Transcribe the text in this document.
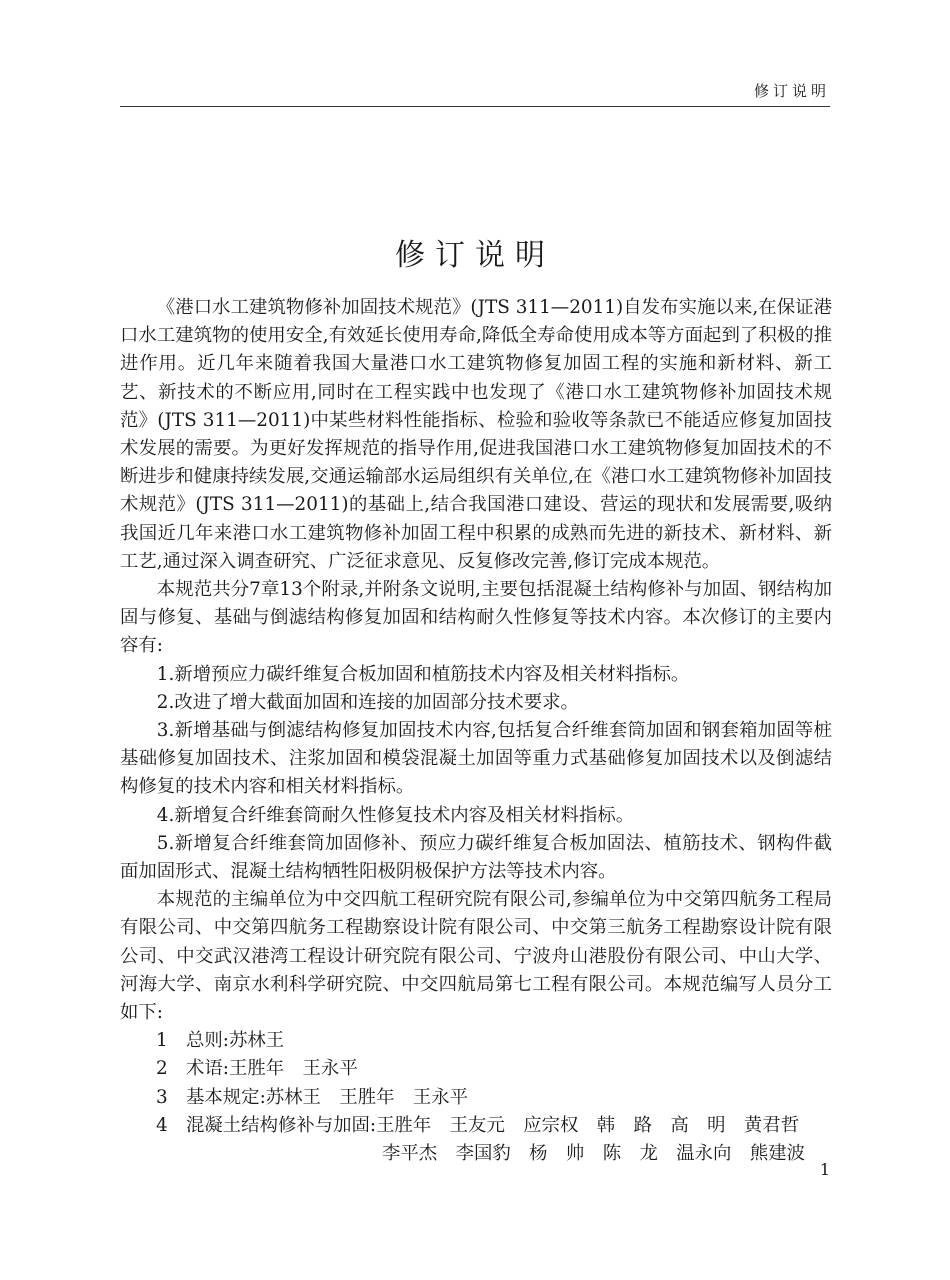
修订说明
修订说明

《港口水工建筑物修补加固技术规范》(JTS 311—2011)自发布实施以来,在保证港口水工建筑物的使用安全,有效延长使用寿命,降低全寿命使用成本等方面起到了积极的推进作用。近几年来随着我国大量港口水工建筑物修复加固工程的实施和新材料、新工艺、新技术的不断应用,同时在工程实践中也发现了《港口水工建筑物修补加固技术规范》(JTS 311—2011)中某些材料性能指标、检验和验收等条款已不能适应修复加固技术发展的需要。为更好发挥规范的指导作用,促进我国港口水工建筑物修复加固技术的不断进步和健康持续发展,交通运输部水运局组织有关单位,在《港口水工建筑物修补加固技术规范》(JTS 311—2011)的基础上,结合我国港口建设、营运的现状和发展需要,吸纳我国近几年来港口水工建筑物修补加固工程中积累的成熟而先进的新技术、新材料、新工艺,通过深入调查研究、广泛征求意见、反复修改完善,修订完成本规范。

本规范共分7章13个附录,并附条文说明,主要包括混凝土结构修补与加固、钢结构加固与修复、基础与倒滤结构修复加固和结构耐久性修复等技术内容。本次修订的主要内容有:

1.新增预应力碳纤维复合板加固和植筋技术内容及相关材料指标。

2.改进了增大截面加固和连接的加固部分技术要求。

3.新增基础与倒滤结构修复加固技术内容,包括复合纤维套筒加固和钢套箱加固等桩基础修复加固技术、注浆加固和模袋混凝土加固等重力式基础修复加固技术以及倒滤结构修复的技术内容和相关材料指标。

4.新增复合纤维套筒耐久性修复技术内容及相关材料指标。

5.新增复合纤维套筒加固修补、预应力碳纤维复合板加固法、植筋技术、钢构件截面加固形式、混凝土结构牺牲阳极阴极保护方法等技术内容。

本规范的主编单位为中交四航工程研究院有限公司,参编单位为中交第四航务工程局有限公司、中交第四航务工程勘察设计院有限公司、中交第三航务工程勘察设计院有限公司、中交武汉港湾工程设计研究院有限公司、宁波舟山港股份有限公司、中山大学、河海大学、南京水利科学研究院、中交四航局第七工程有限公司。本规范编写人员分工如下:

1 总则:苏林王
2 术语:王胜年　王永平
3 基本规定:苏林王　王胜年　王永平
4 混凝土结构修补与加固:王胜年　王友元　应宗权　韩　路　高　明　黄君哲
李平杰　李国豹　杨　帅　陈　龙　温永向　熊建波
1
